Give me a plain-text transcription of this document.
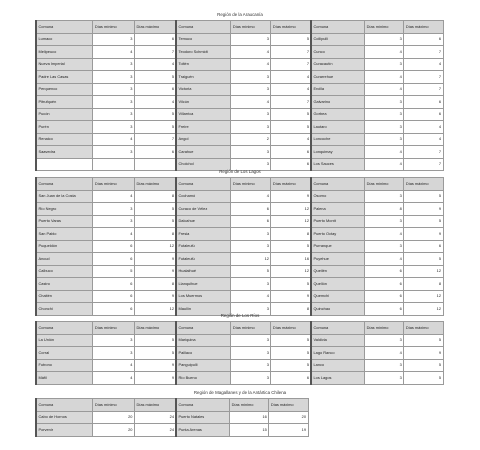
Región de la Araucanía
Comuna	Días mínimo	Días máximo
Lumaco	3	6
Melipeuco	4	7
Nueva Imperial	3	4
Padre Las Casas	3	5
Perquenco	3	6
Pitrufquén	3	4
Pucón	3	5
Purén	3	5
Renaico	4	7
Saavedra	3	6

Comuna	Días mínimo	Días máximo
Temuco	3	5
Teodoro Schmidt	4	7
Toltén	4	7
Traiguén	3	4
Victoria	3	4
Vilcún	4	7
Villarrica	3	5
Freire	3	5
Angol	2	4
Carahue	3	6
Cholchol	3	6
Comuna	Días mínimo	Días máximo
Collipulli	3	6
Cunco	4	7
Curacautín	3	4
Curarrehue	4	7
Ercilla	4	7
Galvarino	3	6
Gorbea	3	6
Lautaro	3	4
Loncoche	3	4
Lonquimay	4	7
Los Sauces	4	7
Región de Los Lagos
Comuna	Días mínimo	Días máximo
San Juan de la Costa	4	8
Río Negro	3	5
Puerto Varas	3	5
San Pablo	4	8
Puqueldón	6	12
Ancud	6	9
Calbuco	5	9
Castro	6	8
Chaitén	6	9
Chonchi	6	12
Comuna	Días mínimo	Días máximo
Cochamó	4	9
Curaco de Vélez	6	12
Dalcahue	6	12
Fresia	3	8
Futaleufú	3	5
Futaleufú	12	16
Hualaihué	5	12
Llanquihue	3	5
Los Muermos	4	9
Maullín	3	8
Comuna	Días mínimo	Días máximo
Osorno	3	5
Palena	8	9
Puerto Montt	3	5
Puerto Octay	4	9
Purranque	3	6
Puyehue	4	5
Queilén	6	12
Quellón	6	8
Quemchi	6	12
Quinchao	6	12
Región de Los Ríos
Comuna	Días mínimo	Días máximo
La Unión	3	5
Corral	3	5
Futrono	4	9
Máfil	4	9
Comuna	Días mínimo	Días máximo
Mariquina	3	5
Paillaco	3	5
Panguipulli	3	5
Río Bueno	3	6
Comuna	Días mínimo	Días máximo
Valdivia	3	5
Lago Ranco	4	9
Lanco	3	5
Los Lagos	3	5
Región de Magallanes y de la Antártica Chilena
Comuna	Días mínimo	Días máximo
Cabo de Hornos	20	24
Porvenir	20	24
Comuna	Días mínimo	Días máximo
Puerto Natales	16	20
Punta Arenas	15	19
